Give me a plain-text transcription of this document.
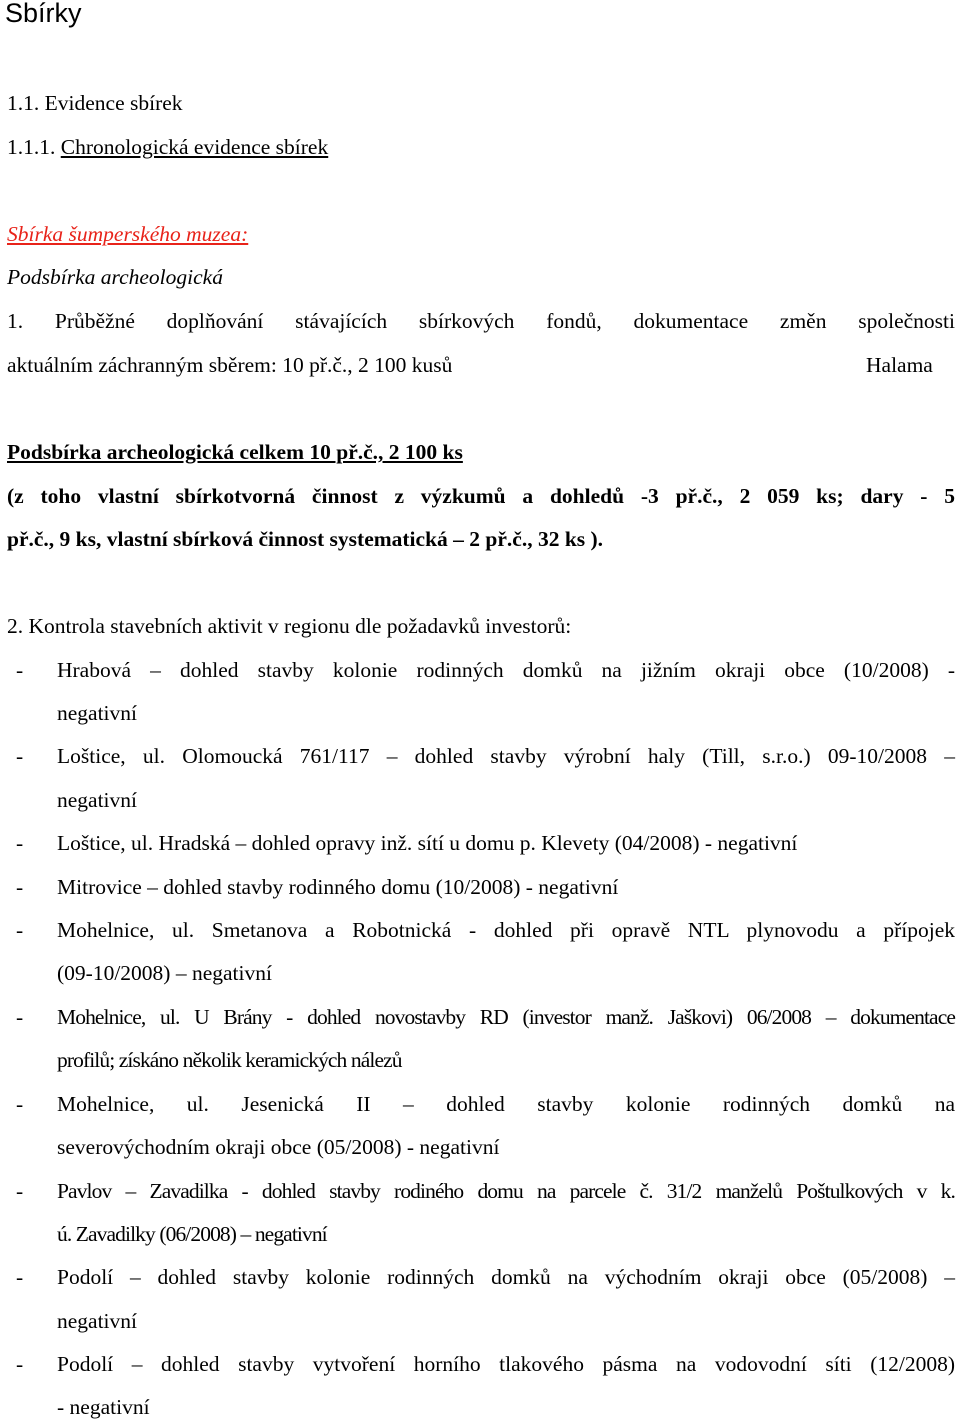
Sbírky
1.1. Evidence sbírek
1.1.1. Chronologická evidence sbírek
Sbírka šumperského muzea:
Podsbírka archeologická
1. Průběžné doplňování stávajících sbírkových fondů, dokumentace změn společnosti
aktuálním záchranným sběrem: 10 př.č., 2 100 kusů	Halama
Podsbírka archeologická celkem 10 př.č., 2 100 ks
(z toho vlastní sbírkotvorná činnost z výzkumů a dohledů -3 př.č., 2 059 ks; dary - 5
př.č., 9 ks, vlastní sbírková činnost systematická – 2 př.č., 32 ks ).
2. Kontrola stavebních aktivit v regionu dle požadavků investorů:
- Hrabová – dohled stavby kolonie rodinných domků na jižním okraji obce (10/2008) -
negativní
- Loštice, ul. Olomoucká 761/117 – dohled stavby výrobní haly (Till, s.r.o.) 09-10/2008 –
negativní
- Loštice, ul. Hradská – dohled opravy inž. sítí u domu p. Klevety (04/2008) - negativní
- Mitrovice – dohled stavby rodinného domu (10/2008) - negativní
- Mohelnice, ul. Smetanova a Robotnická - dohled při opravě NTL plynovodu a přípojek
(09-10/2008) – negativní
- Mohelnice, ul. U Brány - dohled novostavby RD (investor manž. Jaškovi) 06/2008 – dokumentace
profilů; získáno několik keramických nálezů
- Mohelnice, ul. Jesenická II – dohled stavby kolonie rodinných domků na
severovýchodním okraji obce (05/2008) - negativní
- Pavlov – Zavadilka - dohled stavby rodiného domu na parcele č. 31/2 manželů Poštulkových v k.
ú. Zavadilky (06/2008) – negativní
- Podolí – dohled stavby kolonie rodinných domků na východním okraji obce (05/2008) –
negativní
- Podolí – dohled stavby vytvoření horního tlakového pásma na vodovodní síti (12/2008)
- negativní
